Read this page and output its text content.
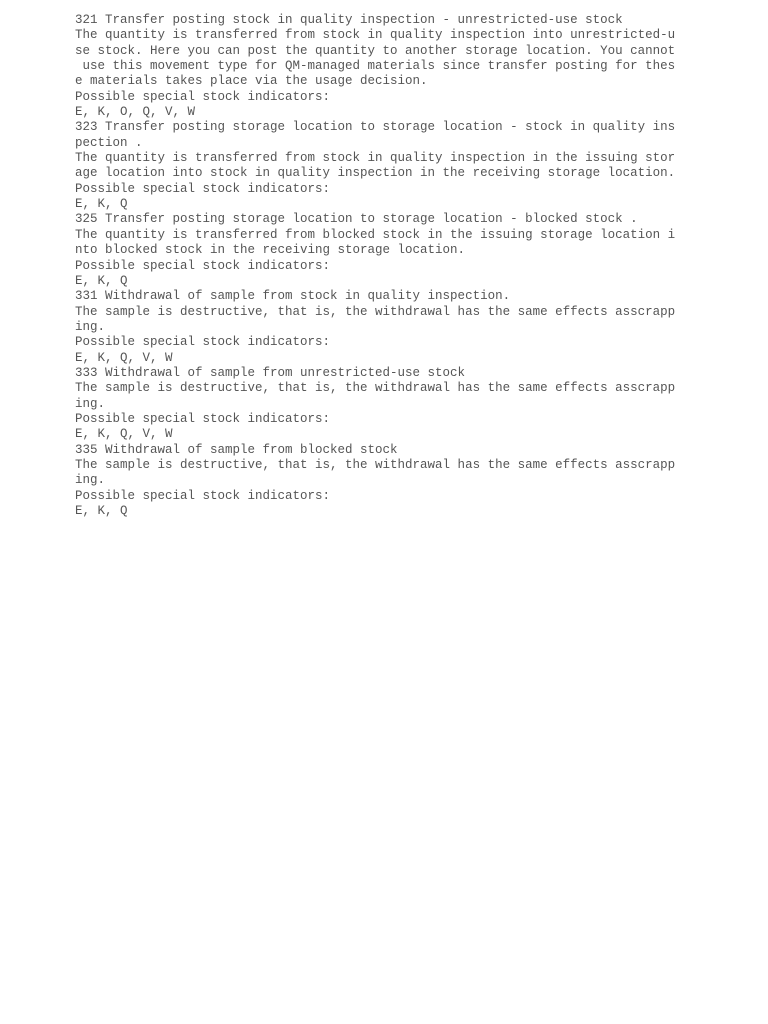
321 Transfer posting stock in quality inspection - unrestricted-use stock
The quantity is transferred from stock in quality inspection into unrestricted-u
se stock. Here you can post the quantity to another storage location. You cannot
use this movement type for QM-managed materials since transfer posting for thes
e materials takes place via the usage decision.
Possible special stock indicators:
E, K, O, Q, V, W
323 Transfer posting storage location to storage location - stock in quality ins
pection .
The quantity is transferred from stock in quality inspection in the issuing stor
age location into stock in quality inspection in the receiving storage location.
Possible special stock indicators:
E, K, Q
325 Transfer posting storage location to storage location - blocked stock .
The quantity is transferred from blocked stock in the issuing storage location i
nto blocked stock in the receiving storage location.
Possible special stock indicators:
E, K, Q
331 Withdrawal of sample from stock in quality inspection.
The sample is destructive, that is, the withdrawal has the same effects asscrapp
ing.
Possible special stock indicators:
E, K, Q, V, W
333 Withdrawal of sample from unrestricted-use stock
The sample is destructive, that is, the withdrawal has the same effects asscrapp
ing.
Possible special stock indicators:
E, K, Q, V, W
335 Withdrawal of sample from blocked stock
The sample is destructive, that is, the withdrawal has the same effects asscrapp
ing.
Possible special stock indicators:
E, K, Q
